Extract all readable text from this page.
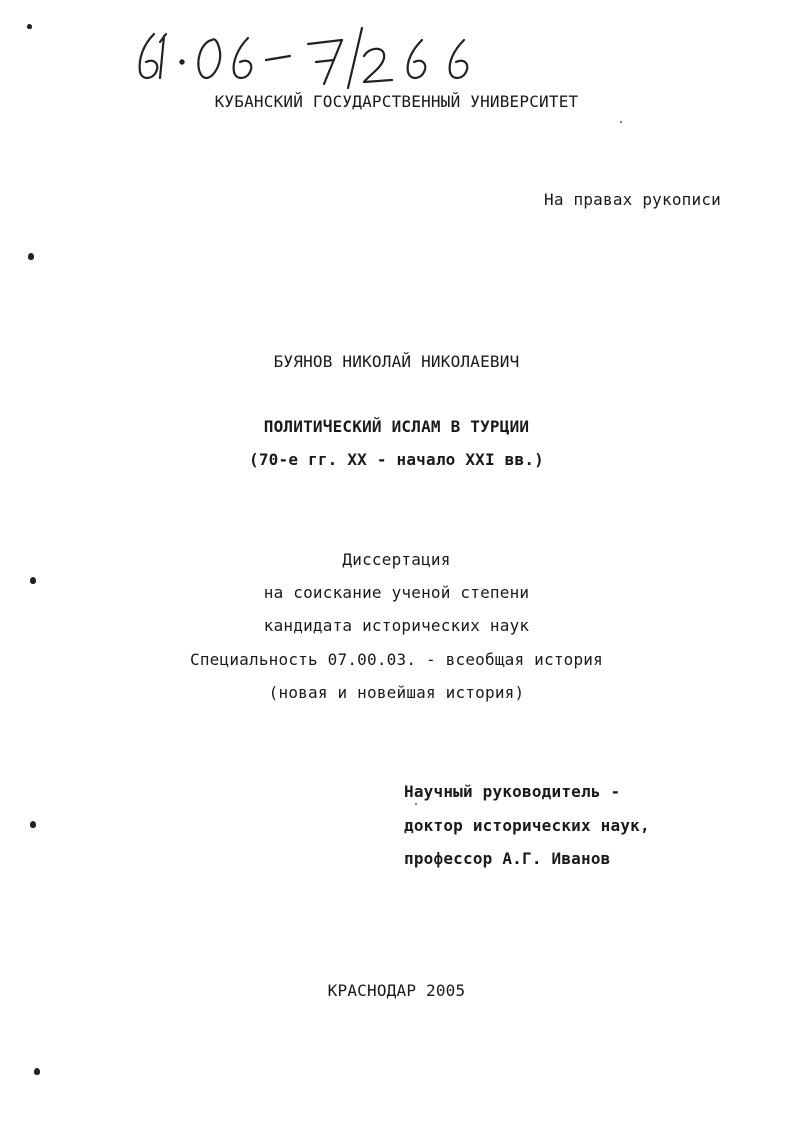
КУБАНСКИЙ ГОСУДАРСТВЕННЫЙ УНИВЕРСИТЕТ
На правах рукописи
БУЯНОВ НИКОЛАЙ НИКОЛАЕВИЧ
ПОЛИТИЧЕСКИЙ ИСЛАМ В ТУРЦИИ
(70-е гг. XX - начало XXI вв.)
Диссертация
на соискание ученой степени
кандидата исторических наук
Специальность 07.00.03. - всеобщая история
(новая и новейшая история)
Научный руководитель -
доктор исторических наук,
профессор А.Г. Иванов
КРАСНОДАР 2005
